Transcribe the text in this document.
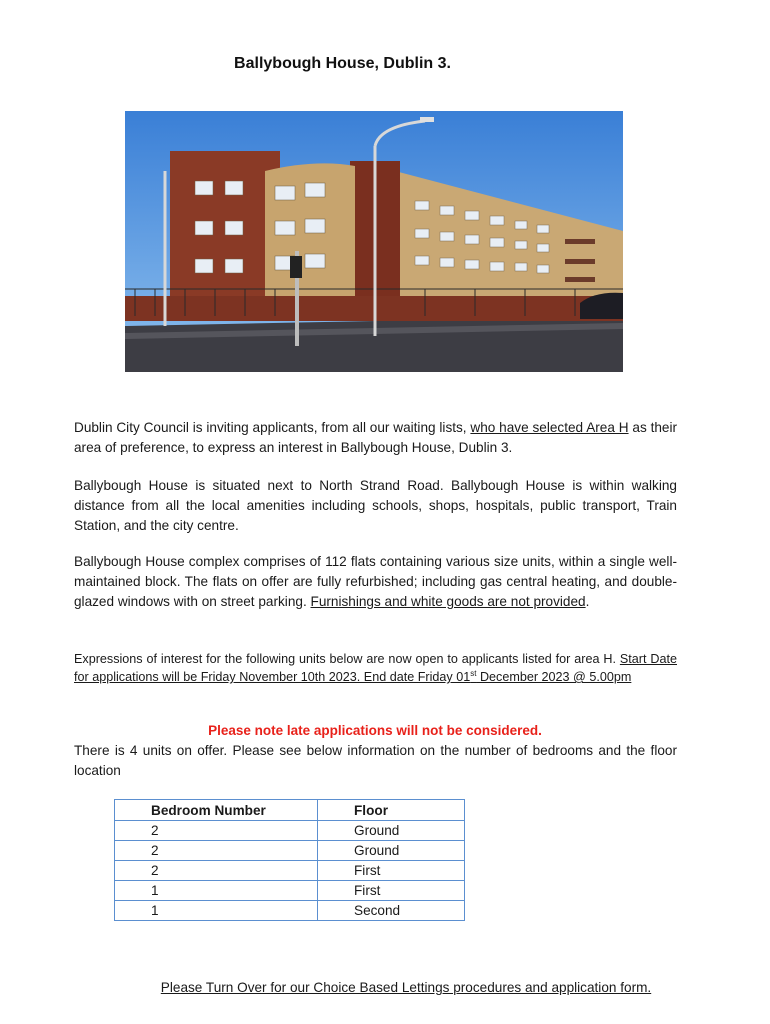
Ballybough House, Dublin 3.
Dublin City Council is inviting applicants, from all our waiting lists, who have selected Area H as their area of preference, to express an interest in Ballybough House, Dublin 3.
Ballybough House is situated next to North Strand Road. Ballybough House is within walking distance from all the local amenities including schools, shops, hospitals, public transport, Train Station, and the city centre.
Ballybough House complex comprises of 112 flats containing various size units, within a single well-maintained block. The flats on offer are fully refurbished; including gas central heating, and double-glazed windows with on street parking. Furnishings and white goods are not provided.
Expressions of interest for the following units below are now open to applicants listed for area H. Start Date for applications will be Friday November 10th 2023. End date Friday 01st December 2023 @ 5.00pm
Please note late applications will not be considered.
There is 4 units on offer. Please see below information on the number of bedrooms and the floor location
Bedroom Number	Floor
2	Ground
2	Ground
2	First
1	First
1	Second
Please Turn Over for our Choice Based Lettings procedures and application form.
